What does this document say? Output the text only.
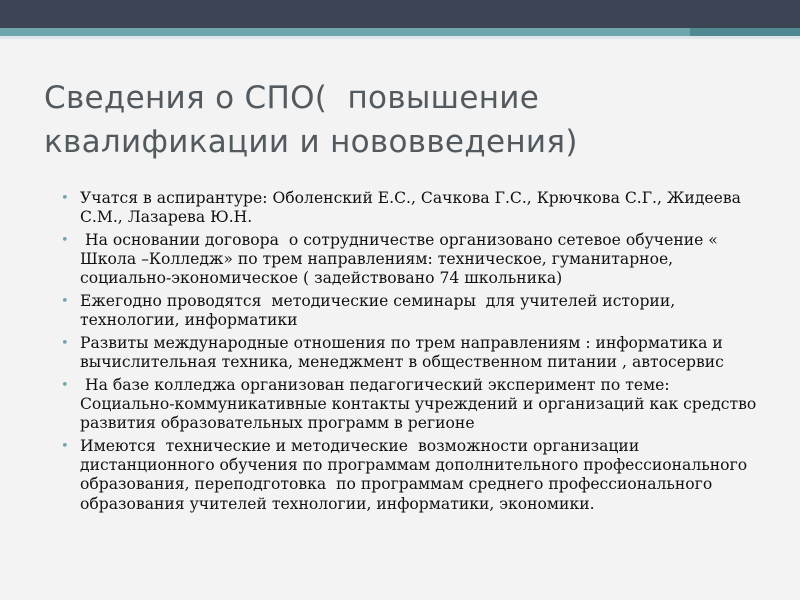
Сведения о СПО(  повышение квалификации и нововведения)
• Учатся в аспирантуре: Оболенский Е.С., Сачкова Г.С., Крючкова С.Г., Жидеева С.М., Лазарева Ю.Н.
• На основании договора  о сотрудничестве организовано сетевое обучение « Школа –Колледж» по трем направлениям: техническое, гуманитарное, социально-экономическое ( задействовано 74 школьника)
• Ежегодно проводятся  методические семинары  для учителей истории, технологии, информатики
• Развиты международные отношения по трем направлениям : информатика и вычислительная техника, менеджмент в общественном питании , автосервис
• На базе колледжа организован педагогический эксперимент по теме: Социально-коммуникативные контакты учреждений и организаций как средство развития образовательных программ в регионе
• Имеются  технические и методические  возможности организации дистанционного обучения по программам дополнительного профессионального образования, переподготовка  по программам среднего профессионального образования учителей технологии, информатики, экономики.
